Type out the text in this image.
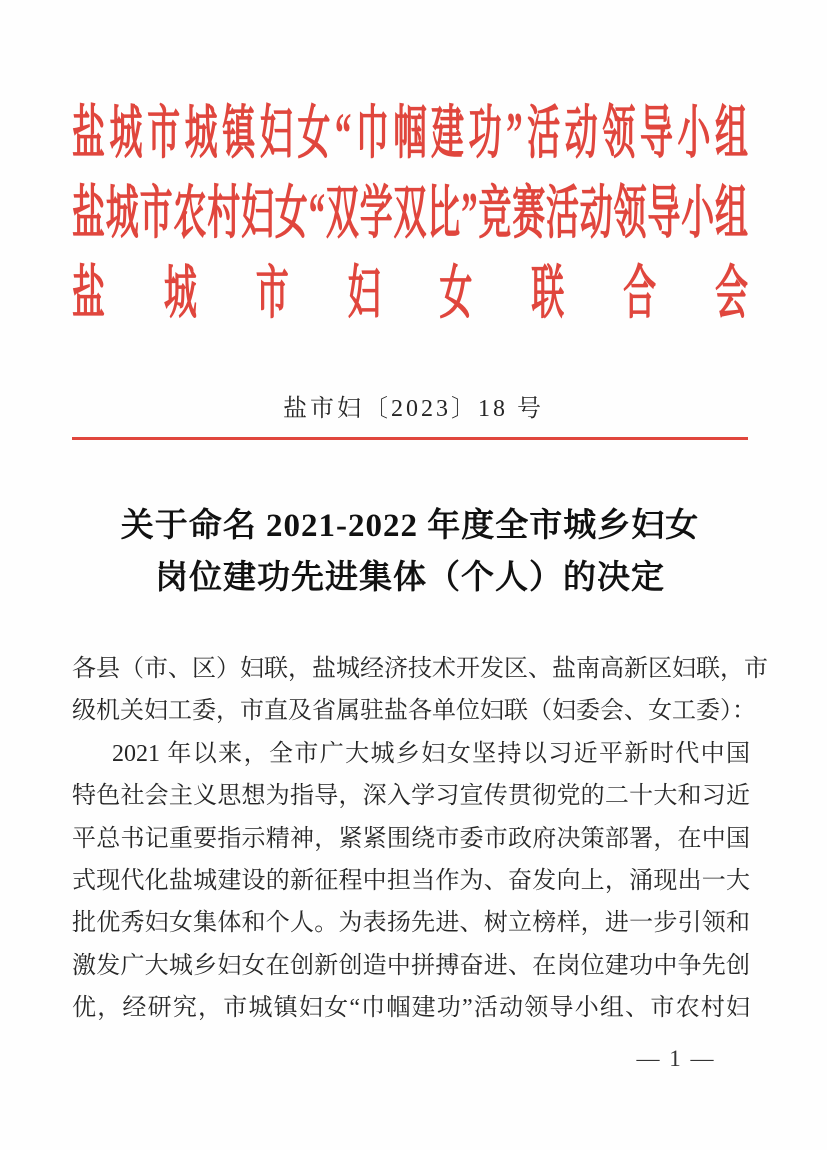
盐城市城镇妇女“巾帼建功”活动领导小组
盐城市农村妇女“双学双比”竞赛活动领导小组
盐城市妇女联合会
盐市妇〔2023〕18 号
关于命名 2021-2022 年度全市城乡妇女
岗位建功先进集体（个人）的决定
各县（市、区）妇联，盐城经济技术开发区、盐南高新区妇联，市
级机关妇工委，市直及省属驻盐各单位妇联（妇委会、女工委）：
2021 年以来，全市广大城乡妇女坚持以习近平新时代中国
特色社会主义思想为指导，深入学习宣传贯彻党的二十大和习近
平总书记重要指示精神，紧紧围绕市委市政府决策部署，在中国
式现代化盐城建设的新征程中担当作为、奋发向上，涌现出一大
批优秀妇女集体和个人。为表扬先进、树立榜样，进一步引领和
激发广大城乡妇女在创新创造中拼搏奋进、在岗位建功中争先创
优，经研究，市城镇妇女“巾帼建功”活动领导小组、市农村妇
— 1 —
